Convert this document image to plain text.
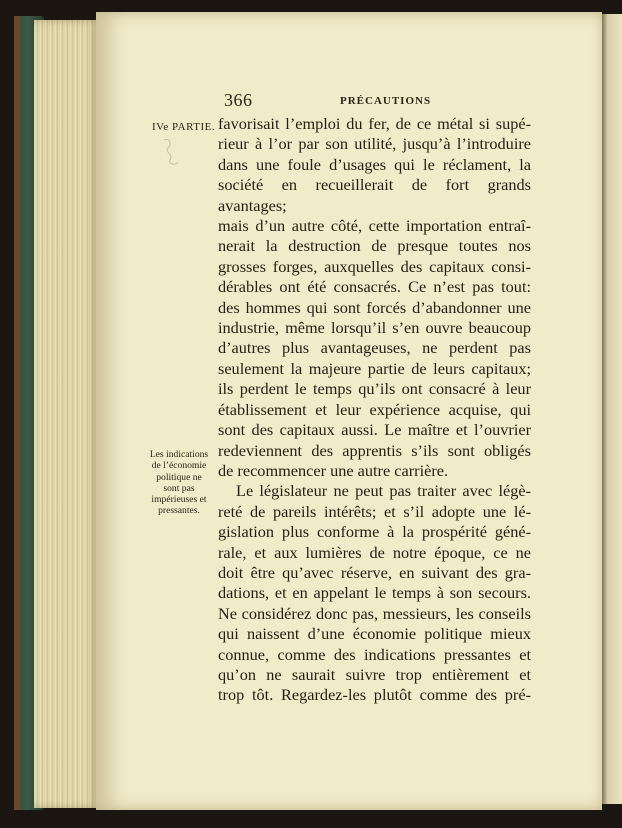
366	PRÉCAUTIONS
IVe PARTIE. favorisait l’emploi du fer, de ce métal si supé-

rieur à l’or par son utilité, jusqu’à l’introduire

dans une foule d’usages qui le réclament, la

société en recueillerait de fort grands avantages;

mais d’un autre côté, cette importation entraî-

nerait la destruction de presque toutes nos

grosses forges, auxquelles des capitaux consi-

dérables ont été consacrés. Ce n’est pas tout:

des hommes qui sont forcés d’abandonner une

industrie, même lorsqu’il s’en ouvre beaucoup

d’autres plus avantageuses, ne perdent pas

seulement la majeure partie de leurs capitaux;

ils perdent le temps qu’ils ont consacré à leur

établissement et leur expérience acquise, qui

sont des capitaux aussi. Le maître et l’ouvrier

redeviennent des apprentis s’ils sont obligés

de recommencer une autre carrière.

Le législateur ne peut pas traiter avec légè-

reté de pareils intérêts; et s’il adopte une lé-

gislation plus conforme à la prospérité géné-

rale, et aux lumières de notre époque, ce ne

doit être qu’avec réserve, en suivant des gra-

dations, et en appelant le temps à son secours.

Ne considérez donc pas, messieurs, les conseils

qui naissent d’une économie politique mieux

connue, comme des indications pressantes et

qu’on ne saurait suivre trop entièrement et

trop tôt. Regardez-les plutôt comme des pré-

Les indications
de l’économie
politique ne
sont pas
impérieuses et
pressantes.
